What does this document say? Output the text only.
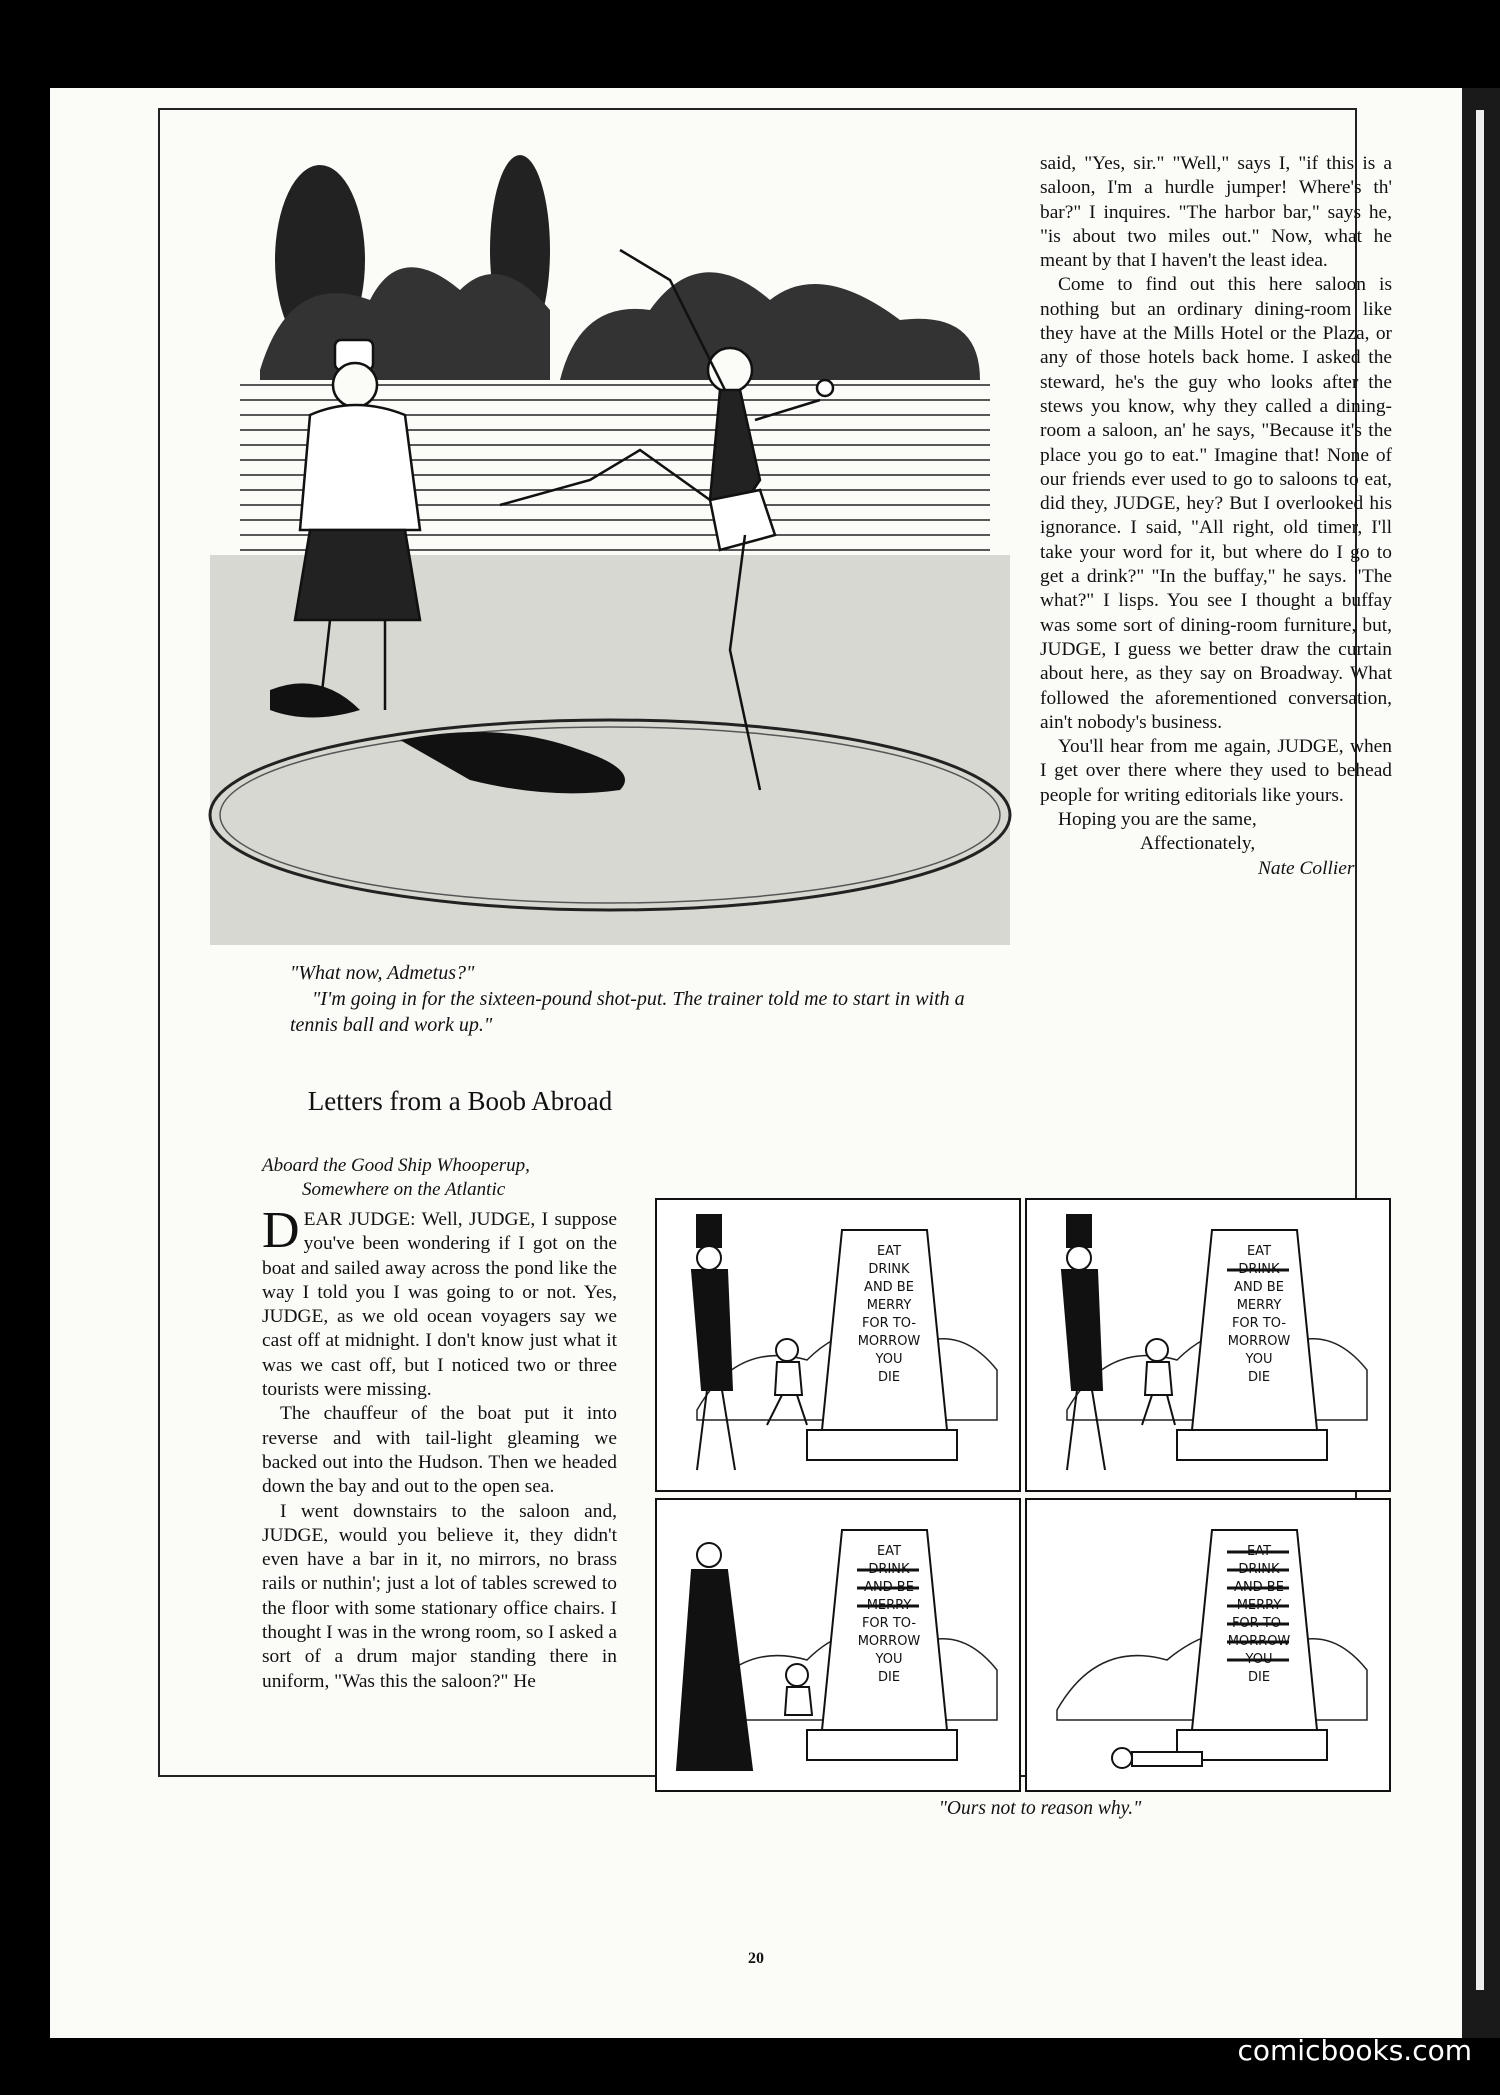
20

"What now, Admetus?"

"I'm going in for the sixteen-pound shot-put. The trainer told me to start in with a tennis ball and work up."

said, "Yes, sir." "Well," says I, "if this is a saloon, I'm a hurdle jumper! Where's th' bar?" I inquires. "The harbor bar," says he, "is about two miles out." Now, what he meant by that I haven't the least idea.

Come to find out this here saloon is nothing but an ordinary dining-room like they have at the Mills Hotel or the Plaza, or any of those hotels back home. I asked the steward, he's the guy who looks after the stews you know, why they called a dining-room a saloon, an' he says, "Because it's the place you go to eat." Imagine that! None of our friends ever used to go to saloons to eat, did they, JUDGE, hey? But I overlooked his ignorance. I said, "All right, old timer, I'll take your word for it, but where do I go to get a drink?" "In the buffay," he says. "The what?" I lisps. You see I thought a buffay was some sort of dining-room furniture, but, JUDGE, I guess we better draw the curtain about here, as they say on Broadway. What followed the aforementioned conversation, ain't nobody's business.

You'll hear from me again, JUDGE, when I get over there where they used to behead people for writing editorials like yours.

Hoping you are the same,

Affectionately,

Nate Collier

Letters from a Boob Abroad
Aboard the Good Ship Whooperup,
Somewhere on the Atlantic

DEAR JUDGE: Well, JUDGE, I suppose you've been wondering if I got on the boat and sailed away across the pond like the way I told you I was going to or not. Yes, JUDGE, as we old ocean voyagers say we cast off at midnight. I don't know just what it was we cast off, but I noticed two or three tourists were missing.

The chauffeur of the boat put it into reverse and with tail-light gleaming we backed out into the Hudson. Then we headed down the bay and out to the open sea.

I went downstairs to the saloon and, JUDGE, would you believe it, they didn't even have a bar in it, no mirrors, no brass rails or nuthin'; just a lot of tables screwed to the floor with some stationary office chairs. I thought I was in the wrong room, so I asked a sort of a drum major standing there in uniform, "Was this the saloon?" He

EAT
DRINK
AND BE
MERRY
FOR TO-
MORROW
YOU
DIE
EAT
DRINK
AND BE
MERRY
FOR TO-
MORROW
YOU
DIE
EAT
DRINK
AND BE
MERRY
FOR TO-
MORROW
YOU
DIE
EAT
DRINK
AND BE
MERRY
FOR TO-
MORROW
YOU
DIE
"Ours not to reason why."
comicbooks.com
